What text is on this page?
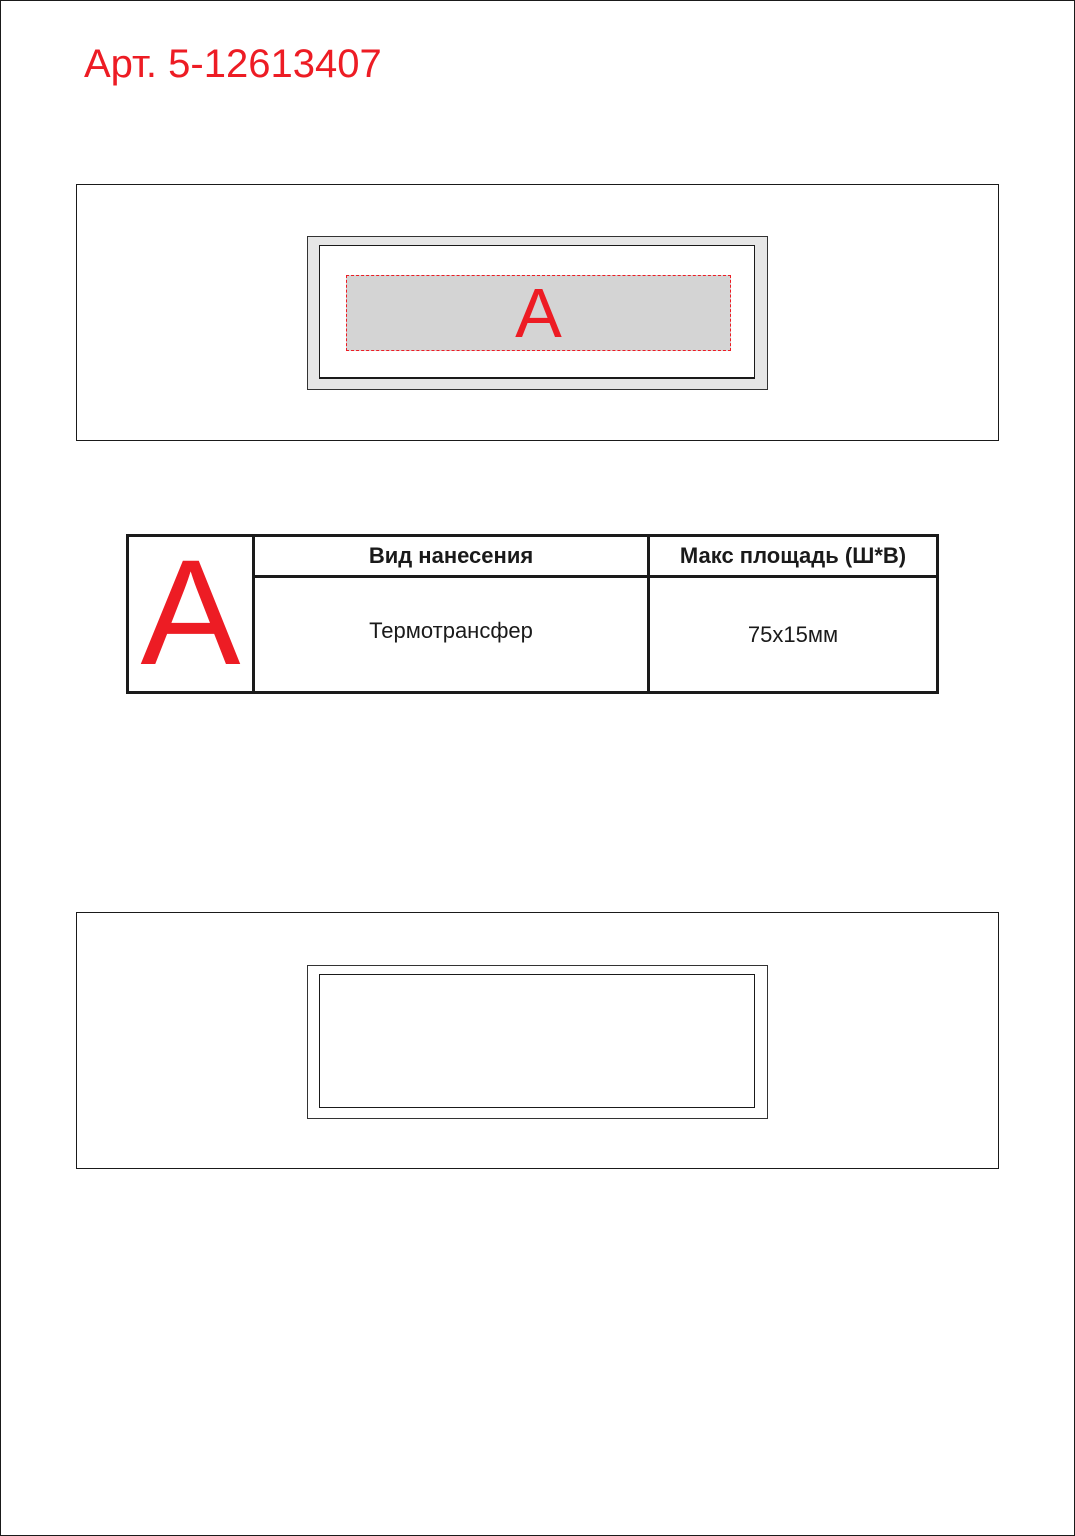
Арт. 5-12613407
A
A	Вид нанесения	Макс площадь (Ш*В)
	Термотрансфер	75x15мм
